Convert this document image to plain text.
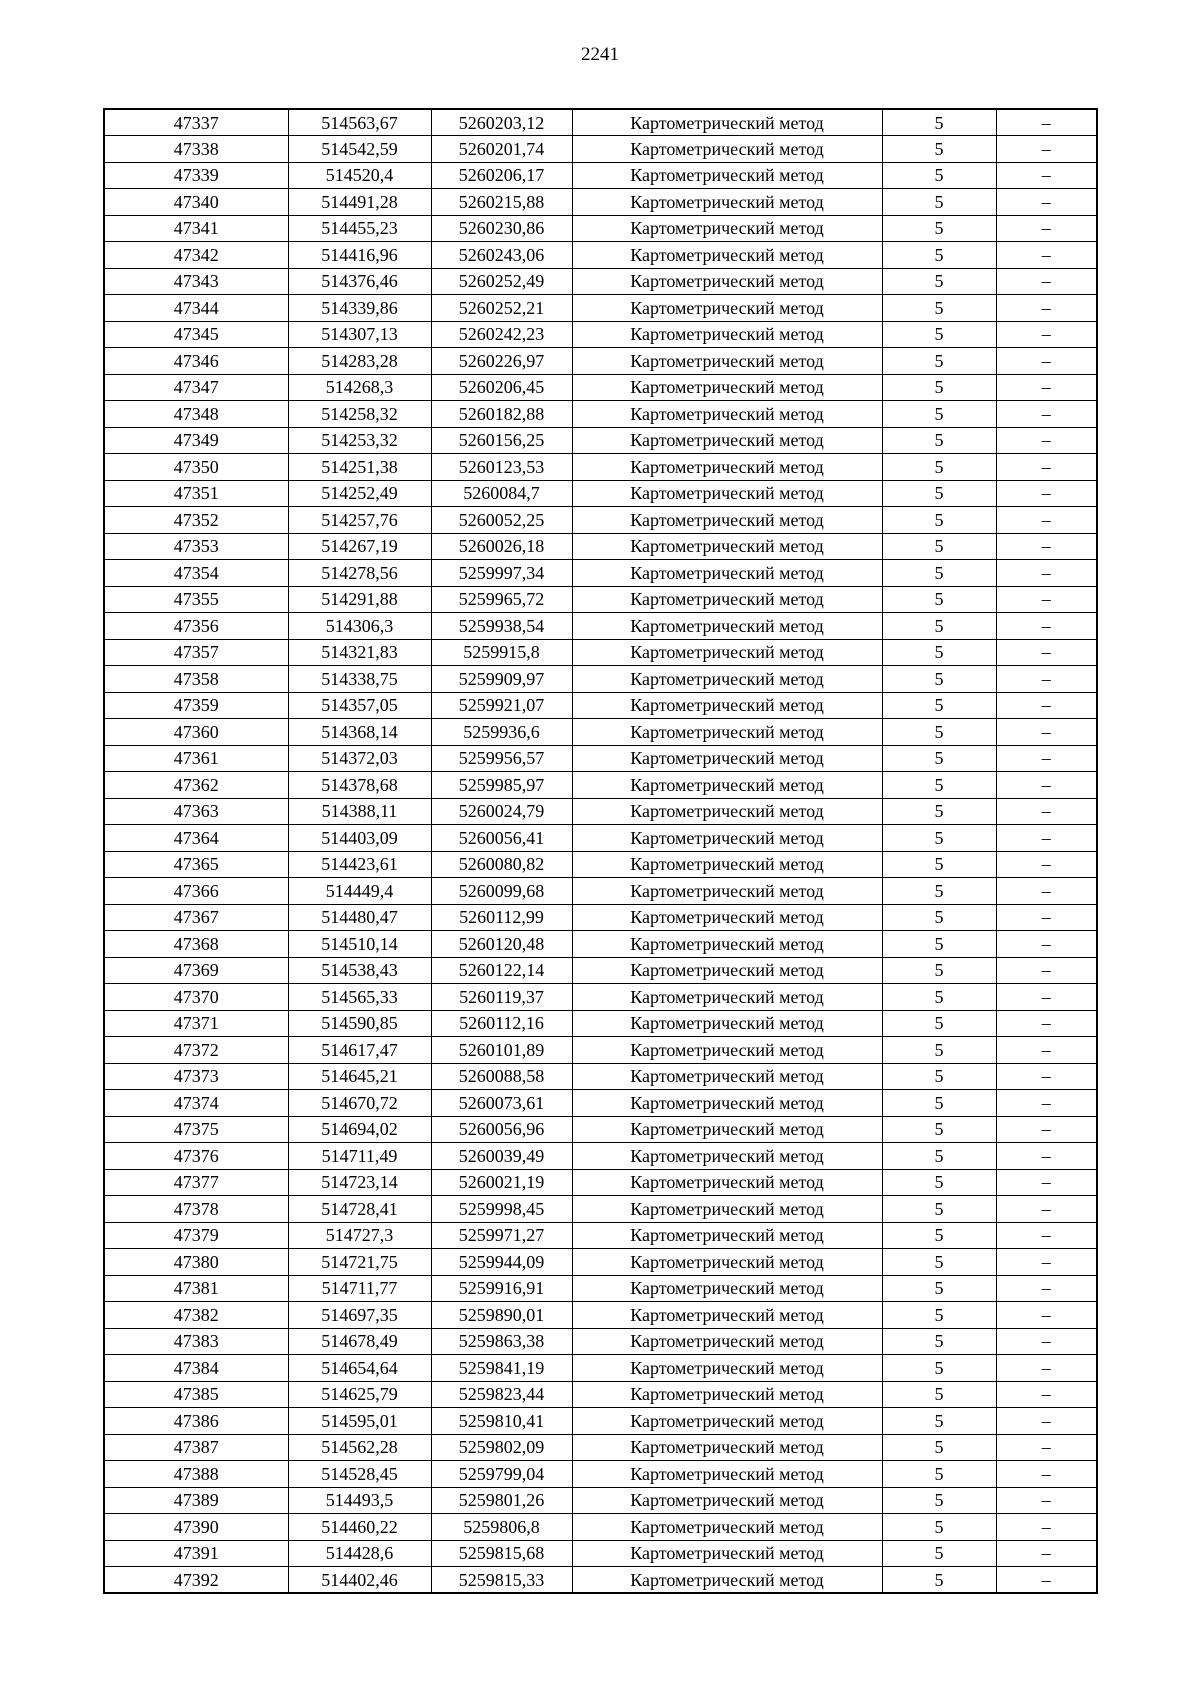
2241
47337	514563,67	5260203,12	Картометрический метод	5	–
47338	514542,59	5260201,74	Картометрический метод	5	–
47339	514520,4	5260206,17	Картометрический метод	5	–
47340	514491,28	5260215,88	Картометрический метод	5	–
47341	514455,23	5260230,86	Картометрический метод	5	–
47342	514416,96	5260243,06	Картометрический метод	5	–
47343	514376,46	5260252,49	Картометрический метод	5	–
47344	514339,86	5260252,21	Картометрический метод	5	–
47345	514307,13	5260242,23	Картометрический метод	5	–
47346	514283,28	5260226,97	Картометрический метод	5	–
47347	514268,3	5260206,45	Картометрический метод	5	–
47348	514258,32	5260182,88	Картометрический метод	5	–
47349	514253,32	5260156,25	Картометрический метод	5	–
47350	514251,38	5260123,53	Картометрический метод	5	–
47351	514252,49	5260084,7	Картометрический метод	5	–
47352	514257,76	5260052,25	Картометрический метод	5	–
47353	514267,19	5260026,18	Картометрический метод	5	–
47354	514278,56	5259997,34	Картометрический метод	5	–
47355	514291,88	5259965,72	Картометрический метод	5	–
47356	514306,3	5259938,54	Картометрический метод	5	–
47357	514321,83	5259915,8	Картометрический метод	5	–
47358	514338,75	5259909,97	Картометрический метод	5	–
47359	514357,05	5259921,07	Картометрический метод	5	–
47360	514368,14	5259936,6	Картометрический метод	5	–
47361	514372,03	5259956,57	Картометрический метод	5	–
47362	514378,68	5259985,97	Картометрический метод	5	–
47363	514388,11	5260024,79	Картометрический метод	5	–
47364	514403,09	5260056,41	Картометрический метод	5	–
47365	514423,61	5260080,82	Картометрический метод	5	–
47366	514449,4	5260099,68	Картометрический метод	5	–
47367	514480,47	5260112,99	Картометрический метод	5	–
47368	514510,14	5260120,48	Картометрический метод	5	–
47369	514538,43	5260122,14	Картометрический метод	5	–
47370	514565,33	5260119,37	Картометрический метод	5	–
47371	514590,85	5260112,16	Картометрический метод	5	–
47372	514617,47	5260101,89	Картометрический метод	5	–
47373	514645,21	5260088,58	Картометрический метод	5	–
47374	514670,72	5260073,61	Картометрический метод	5	–
47375	514694,02	5260056,96	Картометрический метод	5	–
47376	514711,49	5260039,49	Картометрический метод	5	–
47377	514723,14	5260021,19	Картометрический метод	5	–
47378	514728,41	5259998,45	Картометрический метод	5	–
47379	514727,3	5259971,27	Картометрический метод	5	–
47380	514721,75	5259944,09	Картометрический метод	5	–
47381	514711,77	5259916,91	Картометрический метод	5	–
47382	514697,35	5259890,01	Картометрический метод	5	–
47383	514678,49	5259863,38	Картометрический метод	5	–
47384	514654,64	5259841,19	Картометрический метод	5	–
47385	514625,79	5259823,44	Картометрический метод	5	–
47386	514595,01	5259810,41	Картометрический метод	5	–
47387	514562,28	5259802,09	Картометрический метод	5	–
47388	514528,45	5259799,04	Картометрический метод	5	–
47389	514493,5	5259801,26	Картометрический метод	5	–
47390	514460,22	5259806,8	Картометрический метод	5	–
47391	514428,6	5259815,68	Картометрический метод	5	–
47392	514402,46	5259815,33	Картометрический метод	5	–
